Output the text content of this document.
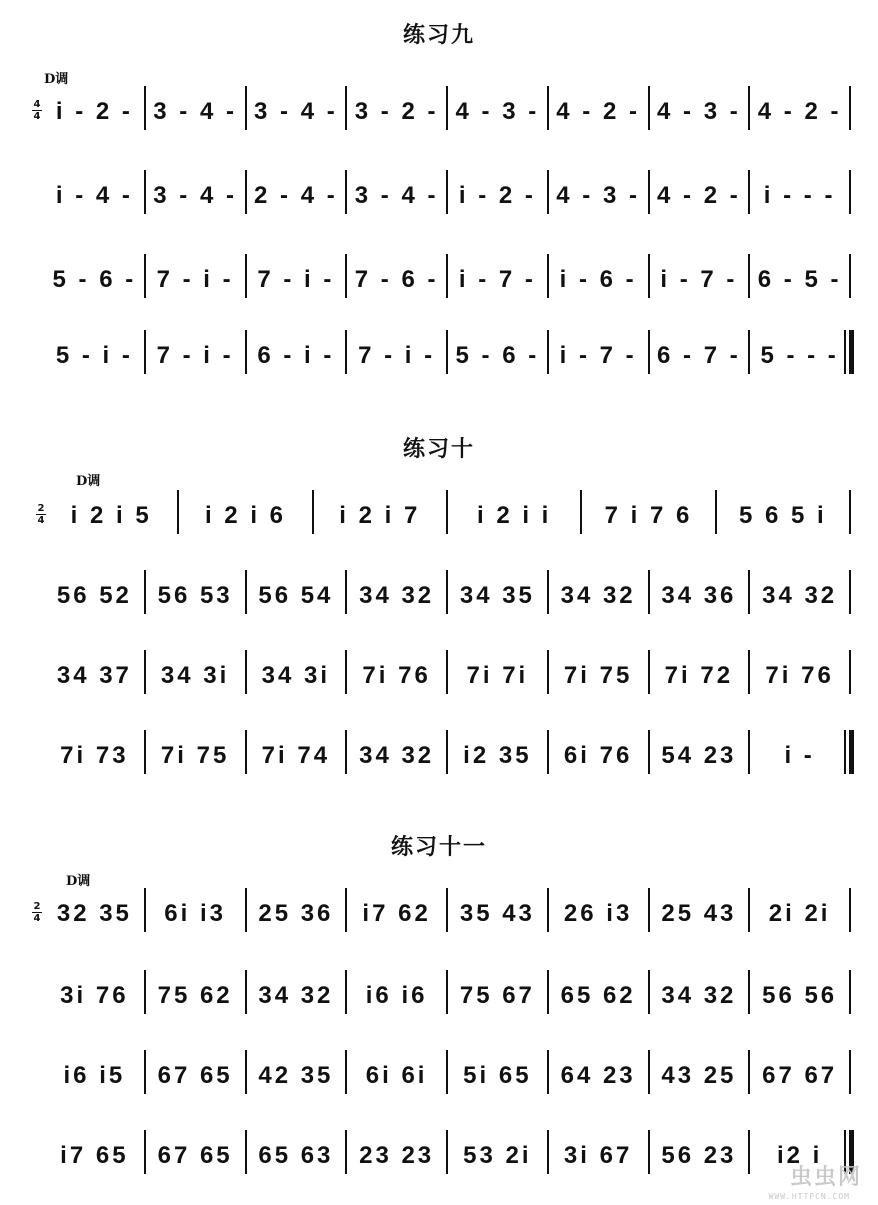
练习九
D调
4
4 i - 2 - 3 - 4 - 3 - 4 - 3 - 2 - 4 - 3 - 4 - 2 - 4 - 3 - 4 - 2 -
i - 4 - 3 - 4 - 2 - 4 - 3 - 4 - i - 2 - 4 - 3 - 4 - 2 - i - - -
5 - 6 - 7 - i - 7 - i - 7 - 6 - i - 7 - i - 6 - i - 7 - 6 - 5 -
5 - i - 7 - i - 6 - i - 7 - i - 5 - 6 - i - 7 - 6 - 7 - 5 - - -
练习十
D调
2
4 i 2 i 5 i 2 i 6 i 2 i 7 i 2 i i 7 i 7 6 5 6 5 i
56 52 56 53 56 54 34 32 34 35 34 32 34 36 34 32
34 37 34 3i 34 3i 7i 76 7i 7i 7i 75 7i 72 7i 76
7i 73 7i 75 7i 74 34 32 i2 35 6i 76 54 23 i -
练习十一
D调
2
4 32 35 6i i3 25 36 i7 62 35 43 26 i3 25 43 2i 2i
3i 76 75 62 34 32 i6 i6 75 67 65 62 34 32 56 56
i6 i5 67 65 42 35 6i 6i 5i 65 64 23 43 25 67 67
i7 65 67 65 65 63 23 23 53 2i 3i 67 56 23 i2 i
虫虫网
WWW.HTTPCN.COM
